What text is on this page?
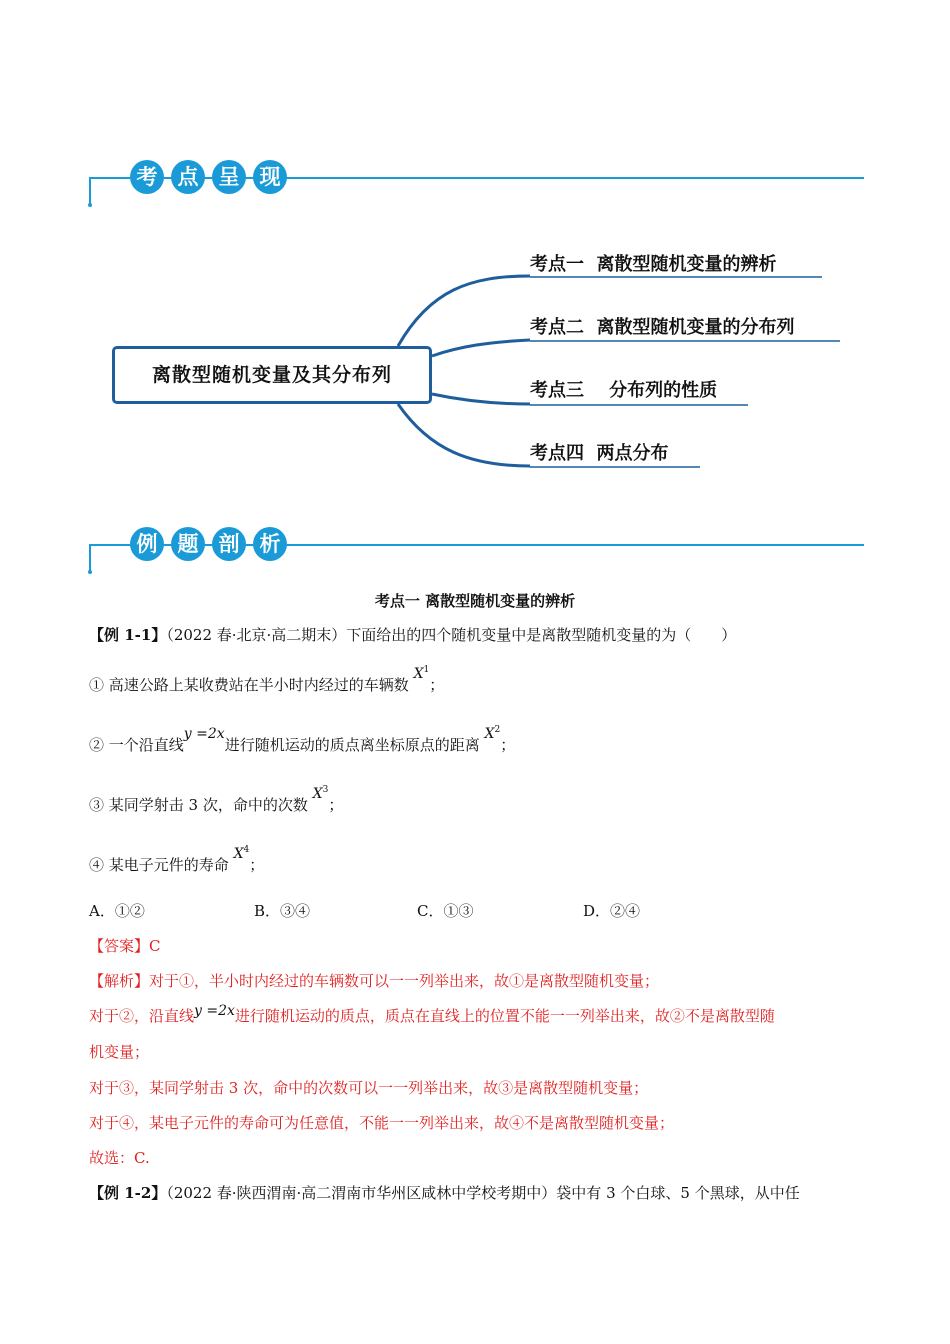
考 点 呈 现
离散型随机变量及其分布列
考点一  离散型随机变量的辨析
考点二  离散型随机变量的分布列
考点三    分布列的性质
考点四  两点分布
例 题 剖 析
考点一 离散型随机变量的辨析
【例 1-1】（2022 春·北京·高二期末）下面给出的四个随机变量中是离散型随机变量的为（　　）
① 高速公路上某收费站在半小时内经过的车辆数 $X^1$；
② 一个沿直线y =2x进行随机运动的质点离坐标原点的距离 $X^2$；
③ 某同学射击 3 次，命中的次数 $X^3$；
④ 某电子元件的寿命 $X^4$；
A．①②	B．③④	C．①③	D．②④
【答案】C
【解析】对于①，半小时内经过的车辆数可以一一列举出来，故①是离散型随机变量；
对于②，沿直线y =2x进行随机运动的质点，质点在直线上的位置不能一一列举出来，故②不是离散型随
机变量；
对于③，某同学射击 3 次，命中的次数可以一一列举出来，故③是离散型随机变量；
对于④，某电子元件的寿命可为任意值，不能一一列举出来，故④不是离散型随机变量；
故选：C.
【例 1-2】（2022 春·陕西渭南·高二渭南市华州区咸林中学校考期中）袋中有 3 个白球、5 个黑球，从中任
